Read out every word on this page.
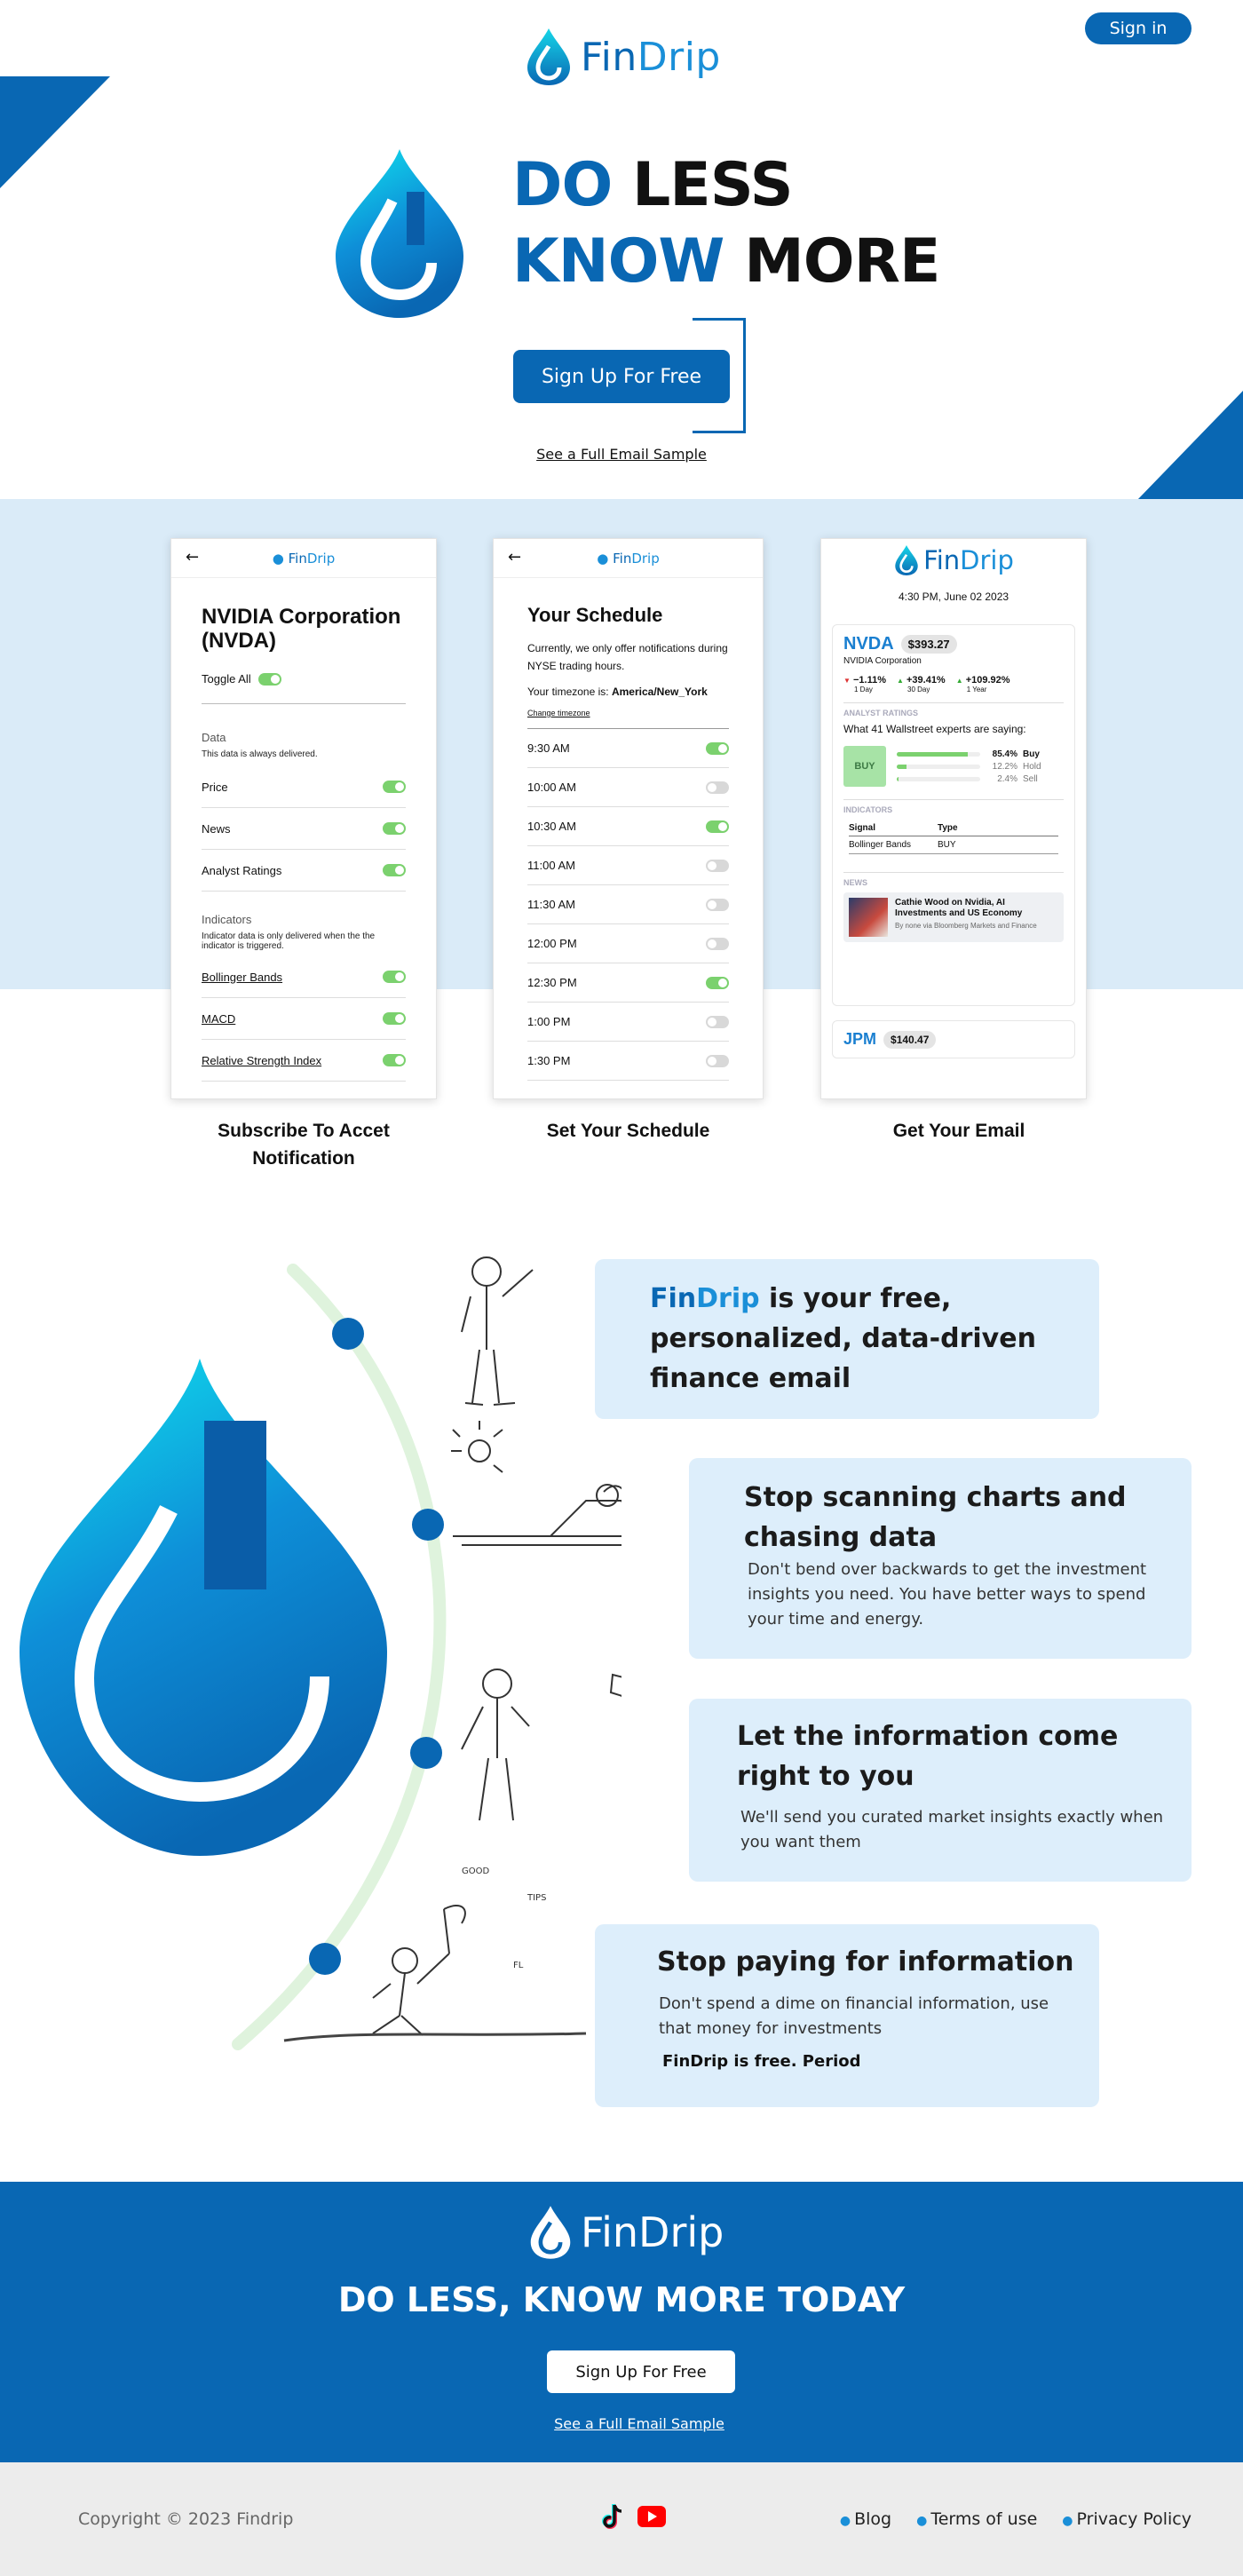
Sign in
FinDrip
DO LESS
KNOW MORE
Sign Up For Free
See a Full Email Sample
←	● FinDrip
NVIDIA Corporation (NVDA)
Toggle All
Data
This data is always delivered.
Price
News
Analyst Ratings
Indicators
Indicator data is only delivered when the the indicator is triggered.
Bollinger Bands
MACD
Relative Strength Index
←	● FinDrip
Your Schedule
Currently, we only offer notifications during NYSE trading hours.
Your timezone is: America/New_York
Change timezone
9:30 AM
10:00 AM
10:30 AM
11:00 AM
11:30 AM
12:00 PM
12:30 PM
1:00 PM
1:30 PM
FinDrip
4:30 PM, June 02 2023
NVDA	$393.27
NVIDIA Corporation
▼ −1.11%
1 Day
▲ +39.41%
30 Day
▲ +109.92%
1 Year
ANALYST RATINGS
What 41 Wallstreet experts are saying:
BUY
85.4% Buy
12.2% Hold
2.4% Sell
INDICATORS
Signal	Type
Bollinger Bands	BUY
NEWS
Cathie Wood on Nvidia, AI Investments and US Economy
By none via Bloomberg Markets and Finance
JPM	$140.47
Subscribe To Accet Notification
Set Your Schedule	Get Your Email
GOOD
TIPS
FL
FinDrip is your free, personalized, data-driven finance email
Stop scanning charts and chasing data
Don't bend over backwards to get the investment insights you need. You have better ways to spend your time and energy.
Let the information come right to you
We'll send you curated market insights exactly when you want them
Stop paying for information
Don't spend a dime on financial information, use that money for investments
FinDrip is free. Period
FinDrip
DO LESS, KNOW MORE TODAY
Sign Up For Free
See a Full Email Sample
Copyright © 2023 Findrip	● Blog ● Terms of use ● Privacy Policy
